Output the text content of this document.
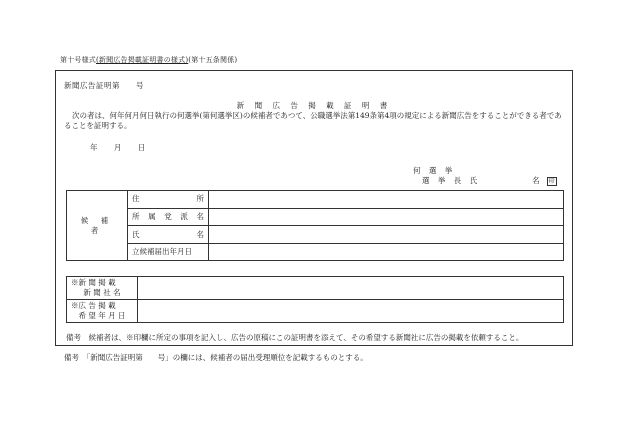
第十号様式(新聞広告掲載証明書の様式)(第十五条関係)
新聞広告証明第　　号
新 聞 広 告 掲 載 証 明 書
次の者は、何年何月何日執行の何選挙(第何選挙区)の候補者であつて、公職選挙法第149条第4項の規定による新聞広告をすることができる者であることを証明する。
年 月 日
何 選 挙
選 挙 長 氏	名 印
候 補 者	住 所	

	所 属 党 派 名	

	氏 名	

	立候補届出年月日	
※新 聞 掲 載
新 聞 社 名	

※広 告 掲 載
希 望 年 月 日	

備考　候補者は、※印欄に所定の事項を記入し、広告の原稿にこの証明書を添えて、その希望する新聞社に広告の掲載を依頼すること。
備考　「新聞広告証明第　　号」の欄には、候補者の届出受理順位を記載するものとする。
